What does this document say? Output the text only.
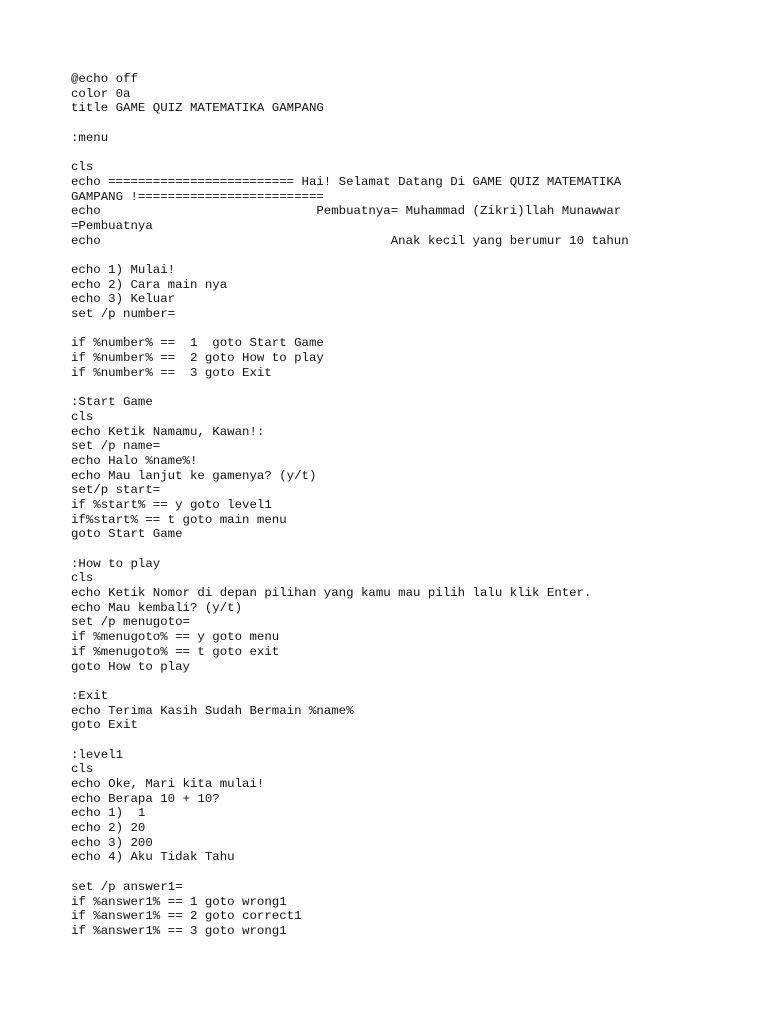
@echo off
color 0a
title GAME QUIZ MATEMATIKA GAMPANG
:menu
cls
echo ========================= Hai! Selamat Datang Di GAME QUIZ MATEMATIKA
GAMPANG !=========================
echo                             Pembuatnya= Muhammad (Zikri)llah Munawwar
=Pembuatnya
echo                                       Anak kecil yang berumur 10 tahun
echo 1) Mulai!
echo 2) Cara main nya
echo 3) Keluar
set /p number=
if %number% ==  1  goto Start Game
if %number% ==  2 goto How to play
if %number% ==  3 goto Exit
:Start Game
cls
echo Ketik Namamu, Kawan!:
set /p name=
echo Halo %name%!
echo Mau lanjut ke gamenya? (y/t)
set/p start=
if %start% == y goto level1
if%start% == t goto main menu
goto Start Game
:How to play
cls
echo Ketik Nomor di depan pilihan yang kamu mau pilih lalu klik Enter.
echo Mau kembali? (y/t)
set /p menugoto=
if %menugoto% == y goto menu
if %menugoto% == t goto exit
goto How to play
:Exit
echo Terima Kasih Sudah Bermain %name%
goto Exit
:level1
cls
echo Oke, Mari kita mulai!
echo Berapa 10 + 10?
echo 1)  1
echo 2) 20
echo 3) 200
echo 4) Aku Tidak Tahu
set /p answer1=
if %answer1% == 1 goto wrong1
if %answer1% == 2 goto correct1
if %answer1% == 3 goto wrong1
